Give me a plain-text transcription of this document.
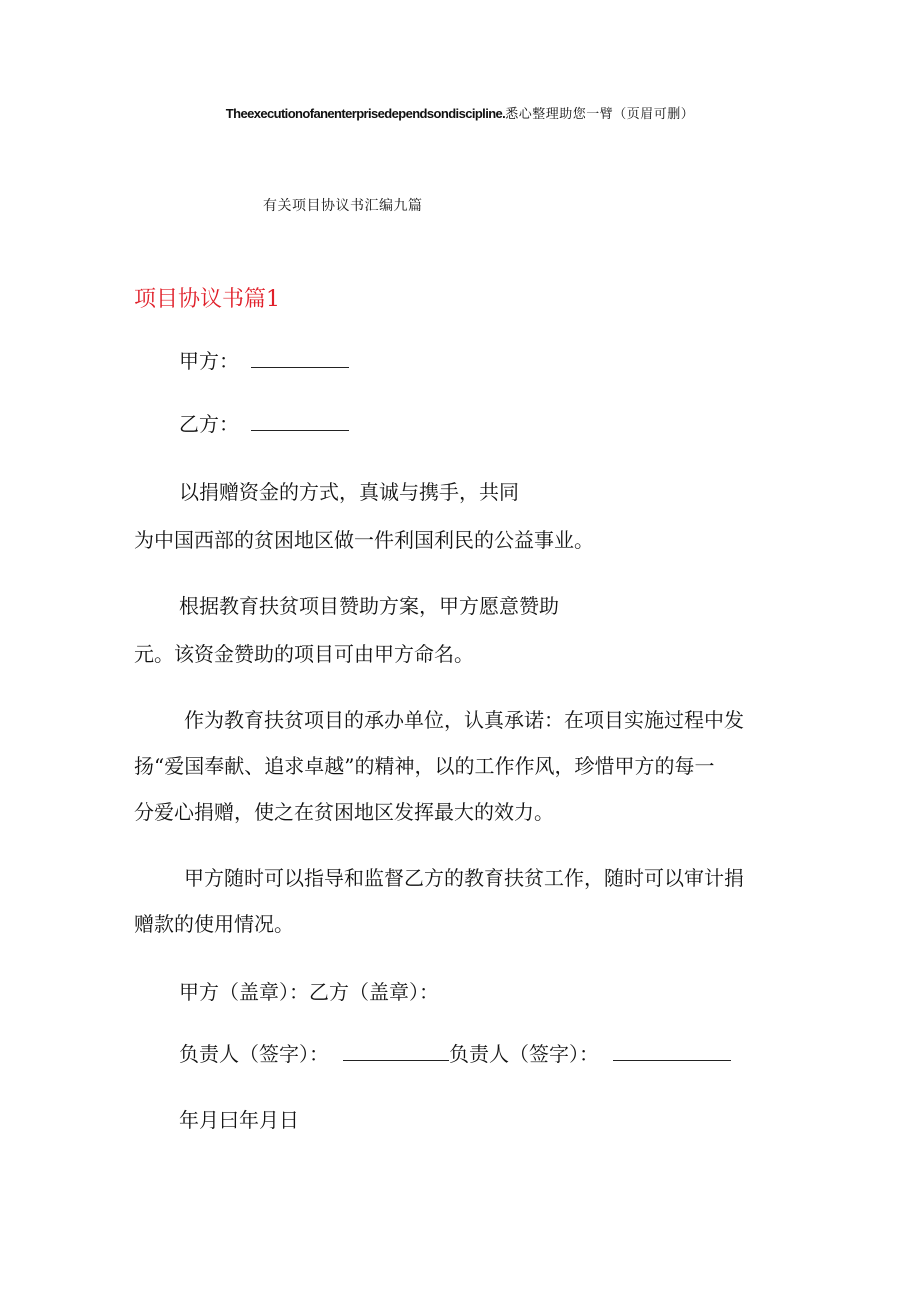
Theexecutionofanenterprisedependsondiscipline.悉心整理助您一臂（页眉可删）
有关项目协议书汇编九篇
项目协议书篇1
甲方：
乙方：
以捐赠资金的方式，真诚与携手，共同
为中国西部的贫困地区做一件利国利民的公益事业。
根据教育扶贫项目赞助方案，甲方愿意赞助
元。该资金赞助的项目可由甲方命名。
作为教育扶贫项目的承办单位，认真承诺：在项目实施过程中发
扬“爱国奉献、追求卓越”的精神，以的工作作风，珍惜甲方的每一
分爱心捐赠，使之在贫困地区发挥最大的效力。
甲方随时可以指导和监督乙方的教育扶贫工作，随时可以审计捐
赠款的使用情况。
甲方（盖章）：乙方（盖章）：
负责人（签字）：	负责人（签字）：
年月曰年月日
